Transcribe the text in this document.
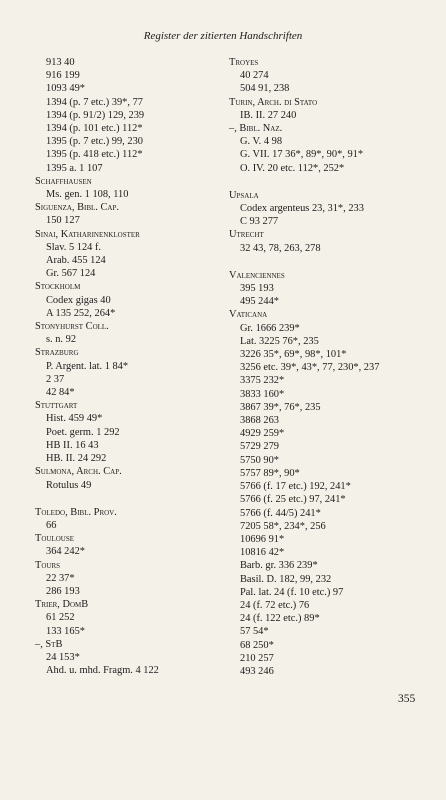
Register der zitierten Handschriften
913 40
916 199
1093 49*
1394 (p. 7 etc.) 39*, 77
1394 (p. 91/2) 129, 239
1394 (p. 101 etc.) 112*
1395 (p. 7 etc.) 99, 230
1395 (p. 418 etc.) 112*
1395 a. 1 107
Schaffhausen
Ms. gen. 1 108, 110
Siguenza, Bibl. Cap.
150 127
Sinai, Katharinenkloster
Slav. 5 124 f.
Arab. 455 124
Gr. 567 124
Stockholm
Codex gigas 40
A 135 252, 264*
Stonyhurst Coll.
s. n. 92
Strazburg
P. Argent. lat. 1 84*
2 37
42 84*
Stuttgart
Hist. 459 49*
Poet. germ. 1 292
HB II. 16 43
HB. II. 24 292
Sulmona, Arch. Cap.
Rotulus 49
Toledo, Bibl. Prov.
66
Toulouse
364 242*
Tours
22 37*
286 193
Trier, DomB
61 252
133 165*
–, StB
24 153*
Ahd. u. mhd. Fragm. 4 122
Troyes
40 274
504 91, 238
Turin, Arch. di Stato
IB. II. 27 240
–, Bibl. Naz.
G. V. 4 98
G. VII. 17 36*, 89*, 90*, 91*
O. IV. 20 etc. 112*, 252*
Upsala
Codex argenteus 23, 31*, 233
C 93 277
Utrecht
32 43, 78, 263, 278
Valenciennes
395 193
495 244*
Vaticana
Gr. 1666 239*
Lat. 3225 76*, 235
3226 35*, 69*, 98*, 101*
3256 etc. 39*, 43*, 77, 230*, 237
3375 232*
3833 160*
3867 39*, 76*, 235
3868 263
4929 259*
5729 279
5750 90*
5757 89*, 90*
5766 (f. 17 etc.) 192, 241*
5766 (f. 25 etc.) 97, 241*
5766 (f. 44/5) 241*
7205 58*, 234*, 256
10696 91*
10816 42*
Barb. gr. 336 239*
Basil. D. 182, 99, 232
Pal. lat. 24 (f. 10 etc.) 97
24 (f. 72 etc.) 76
24 (f. 122 etc.) 89*
57 54*
68 250*
210 257
493 246
355
